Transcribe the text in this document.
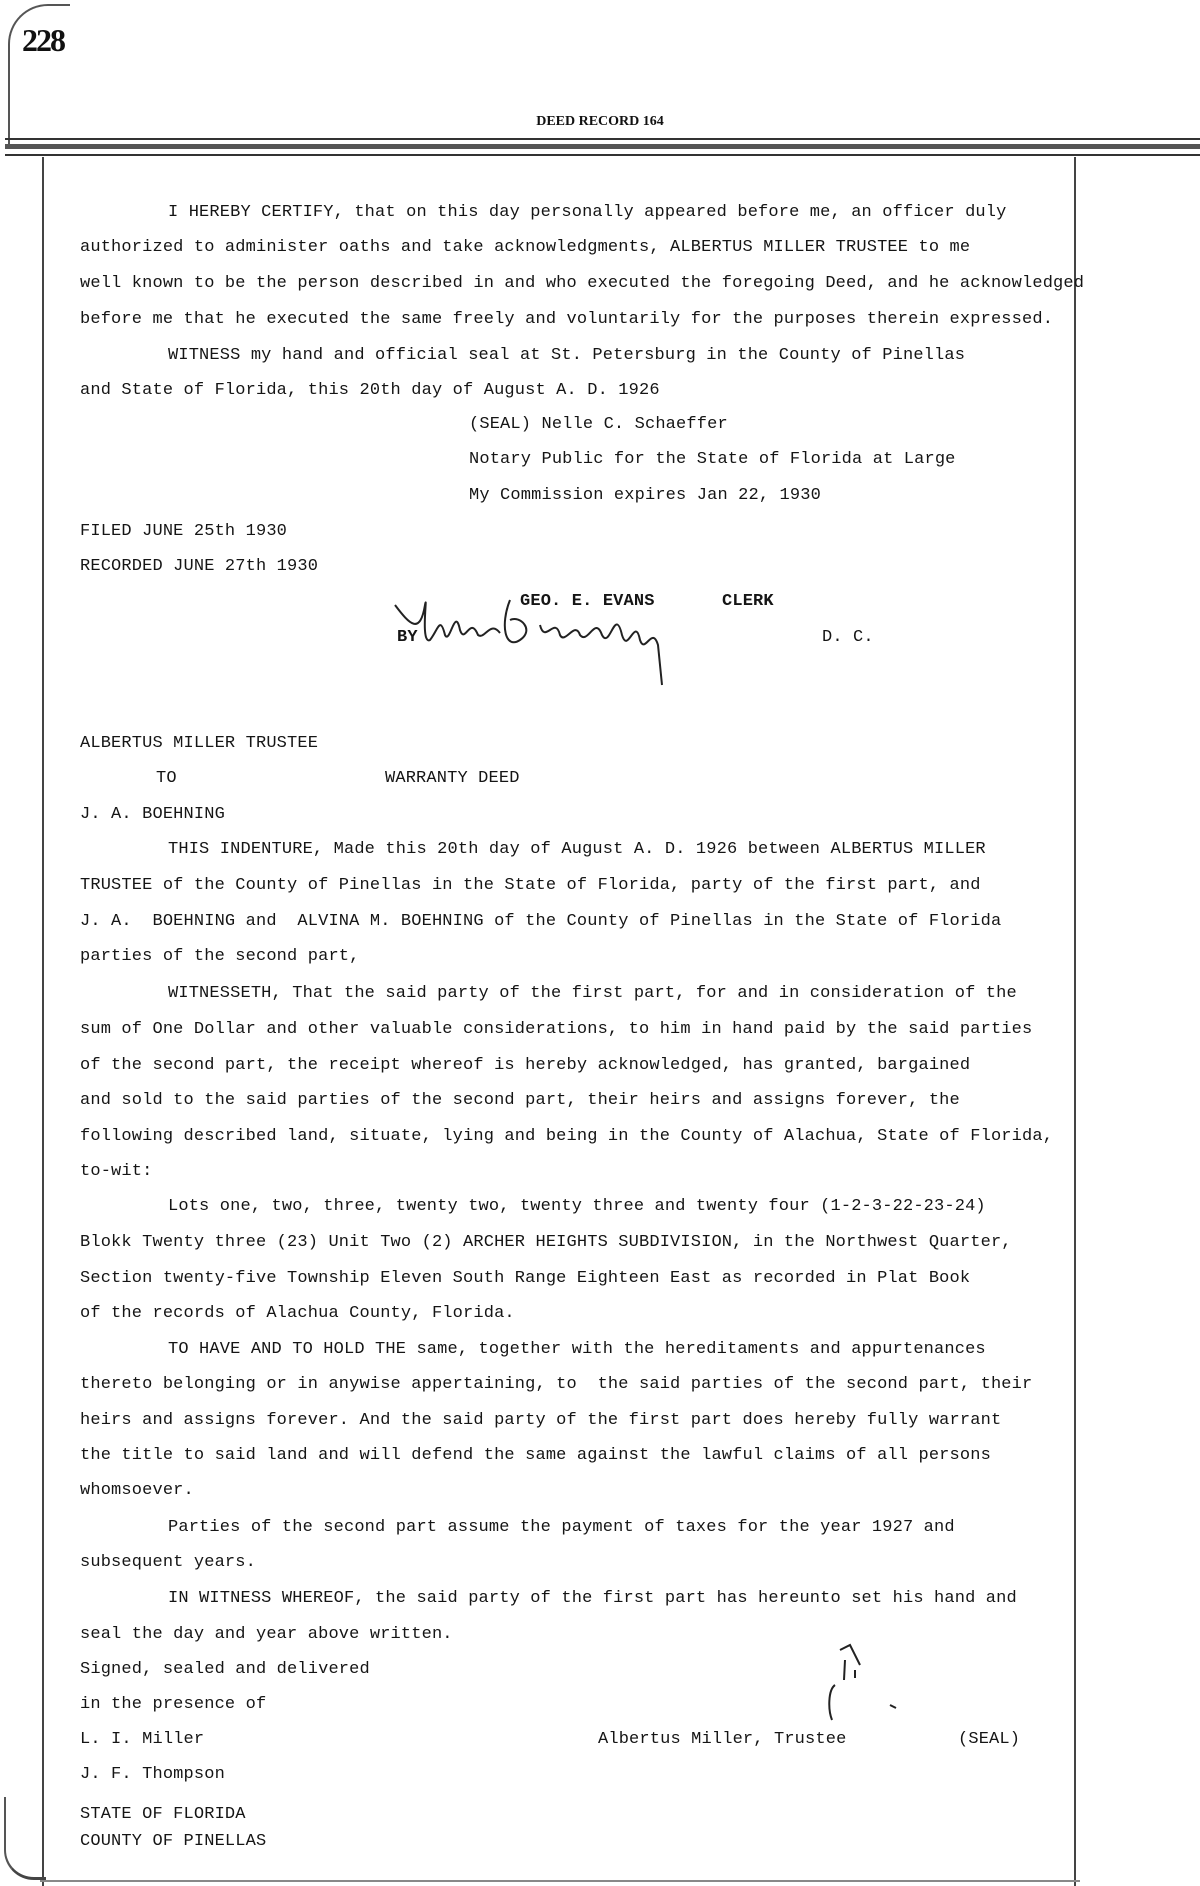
228
DEED RECORD 164
I HEREBY CERTIFY, that on this day personally appeared before me, an officer duly
authorized to administer oaths and take acknowledgments, ALBERTUS MILLER TRUSTEE to me
well known to be the person described in and who executed the foregoing Deed, and he acknowledged
before me that he executed the same freely and voluntarily for the purposes therein expressed.
WITNESS my hand and official seal at St. Petersburg in the County of Pinellas
and State of Florida, this 20th day of August A. D. 1926
(SEAL) Nelle C. Schaeffer
Notary Public for the State of Florida at Large
My Commission expires Jan 22, 1930
FILED JUNE 25th 1930
RECORDED JUNE 27th 1930
GEO. E. EVANS	CLERK
BY	D. C.
ALBERTUS MILLER TRUSTEE
TO	WARRANTY DEED
J. A. BOEHNING
THIS INDENTURE, Made this 20th day of August A. D. 1926 between ALBERTUS MILLER
TRUSTEE of the County of Pinellas in the State of Florida, party of the first part, and
J. A.  BOEHNING and  ALVINA M. BOEHNING of the County of Pinellas in the State of Florida
parties of the second part,
WITNESSETH, That the said party of the first part, for and in consideration of the
sum of One Dollar and other valuable considerations, to him in hand paid by the said parties
of the second part, the receipt whereof is hereby acknowledged, has granted, bargained
and sold to the said parties of the second part, their heirs and assigns forever, the
following described land, situate, lying and being in the County of Alachua, State of Florida,
to-wit:
Lots one, two, three, twenty two, twenty three and twenty four (1-2-3-22-23-24)
Blokk Twenty three (23) Unit Two (2) ARCHER HEIGHTS SUBDIVISION, in the Northwest Quarter,
Section twenty-five Township Eleven South Range Eighteen East as recorded in Plat Book
of the records of Alachua County, Florida.
TO HAVE AND TO HOLD THE same, together with the hereditaments and appurtenances
thereto belonging or in anywise appertaining, to  the said parties of the second part, their
heirs and assigns forever. And the said party of the first part does hereby fully warrant
the title to said land and will defend the same against the lawful claims of all persons
whomsoever.
Parties of the second part assume the payment of taxes for the year 1927 and
subsequent years.
IN WITNESS WHEREOF, the said party of the first part has hereunto set his hand and
seal the day and year above written.
Signed, sealed and delivered
in the presence of
L. I. Miller	Albertus Miller, Trustee	(SEAL)
J. F. Thompson
STATE OF FLORIDA
COUNTY OF PINELLAS
